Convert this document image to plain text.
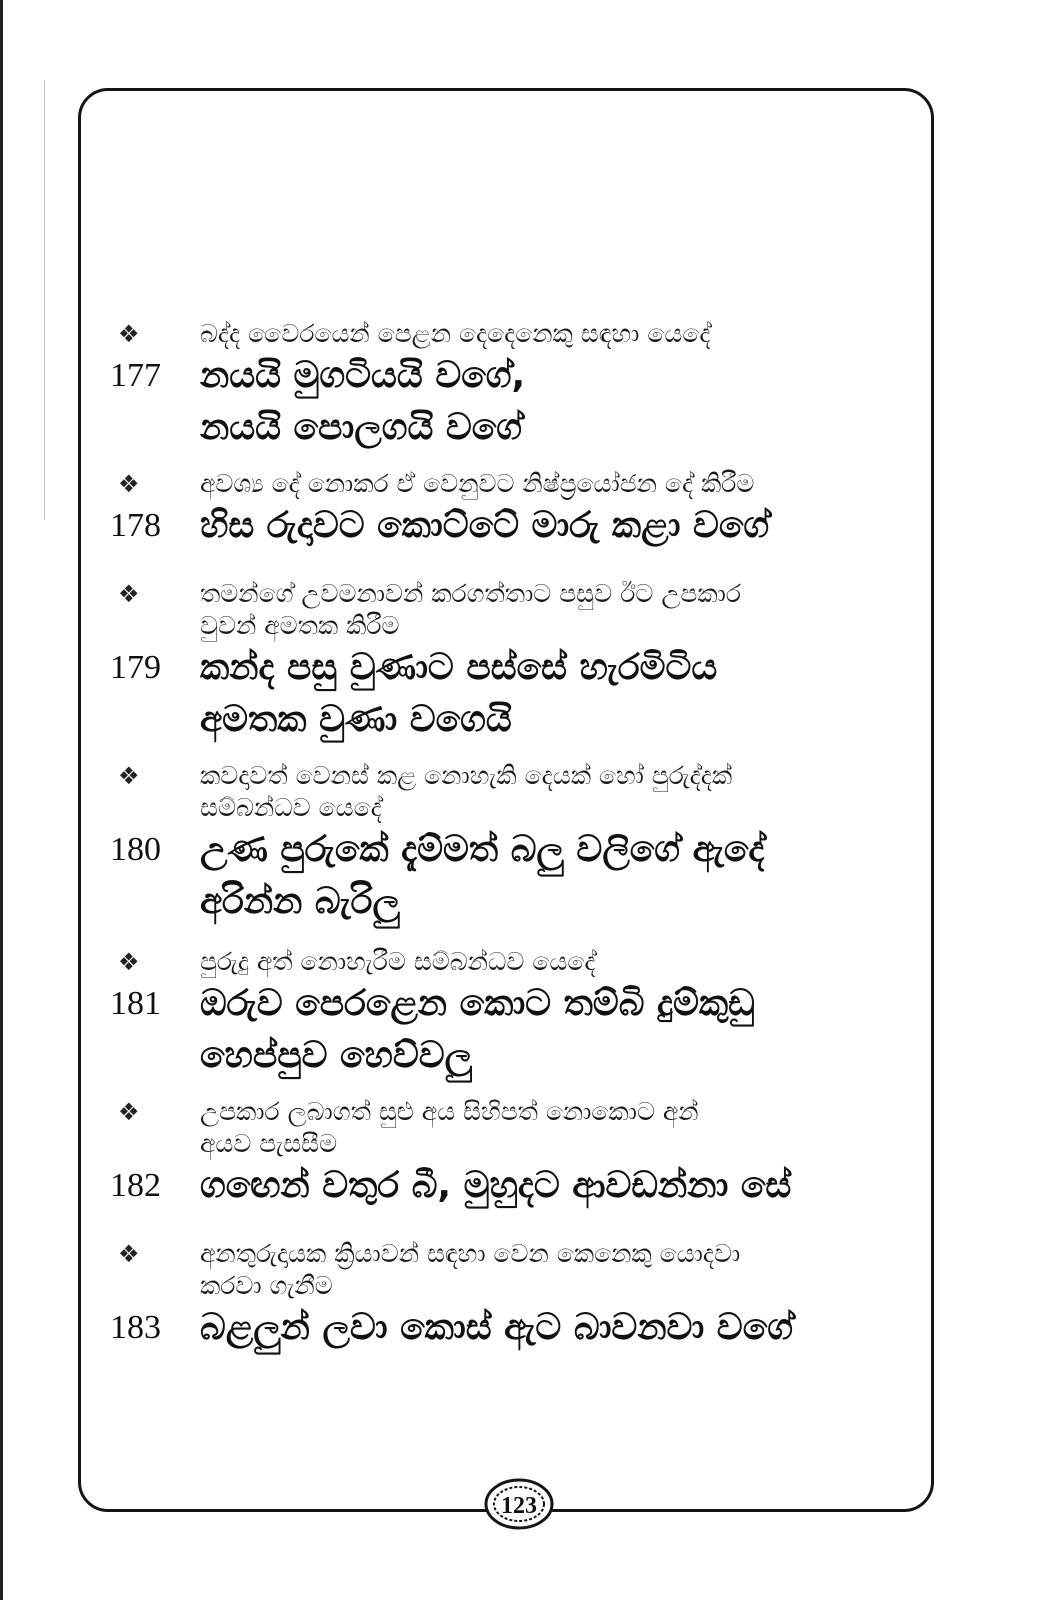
❖ බද්ද වෛරයෙන් පෙළන දෙදෙනෙකු සඳහා යෙදේ
177 නයයි මුගටියයි වගේ,
නයයි පොලගයි වගේ
❖ අවශ්‍ය දේ නොකර ඒ වෙනුවට නිෂ්ප්‍රයෝජන දේ කිරීම
178 හිස රුදාවට කොට්ටේ මාරු කළා වගේ
❖ තමන්ගේ උවමනාවන් කරගත්තාට පසුව ඊට උපකාර
වුවන් අමතක කිරීම
179 කන්ද පසු වුණාට පස්සේ හැරමිටිය
අමතක වුණා වගෙයි
❖ කවදාවත් වෙනස් කළ නොහැකි දෙයක් හෝ පුරුද්දක්
සම්බන්ධව යෙදේ
180 උණ පුරුකේ දැම්මත් බලු වලිගේ ඇදේ
අරින්න බැරිලු
❖ පුරුදු අත් නොහැරීම සම්බන්ධව යෙදේ
181 ඔරුව පෙරළෙන කොට තම්බි දුම්කුඩු
හෙප්පුව හෙව්වලු
❖ උපකාර ලබාගත් සුළු අය සිහිපත් නොකොට අන්
අයව පැසසීම
182 ගඟෙන් වතුර බී, මුහුදට ආවඩන්නා සේ
❖ අනතුරුදායක ක්‍රියාවන් සඳහා වෙන කෙනෙකු යොදවා
කරවා ගැනීම
183 බළලුන් ලවා කොස් ඇට බාවනවා වගේ
123
